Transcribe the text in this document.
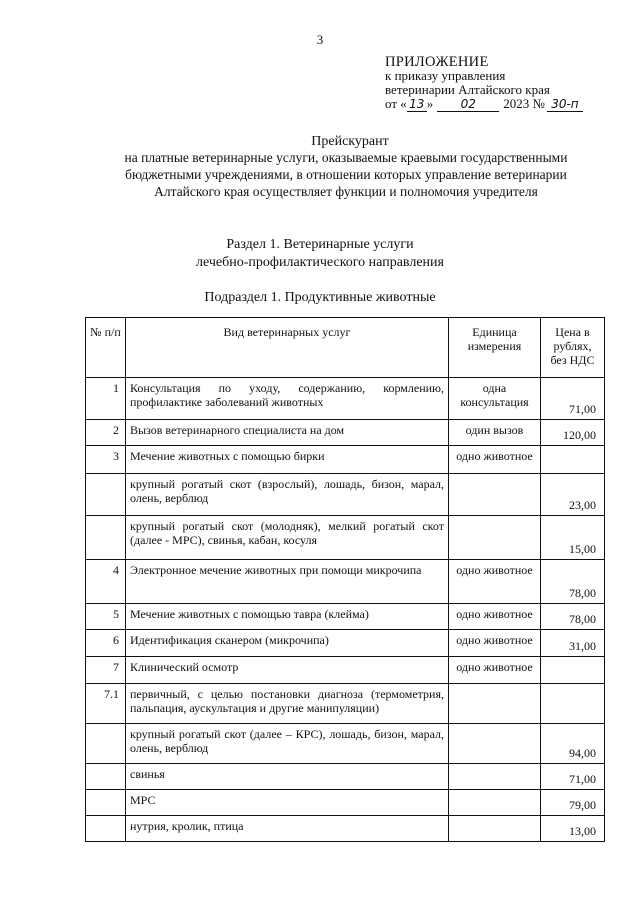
3
ПРИЛОЖЕНИЕ
к приказу управления
ветеринарии Алтайского края
от « 13 »	02	2023 № 30-п
Прейскурант
на платные ветеринарные услуги, оказываемые краевыми государственными бюджетными учреждениями, в отношении которых управление ветеринарии Алтайского края осуществляет функции и полномочия учредителя
Раздел 1. Ветеринарные услуги
лечебно-профилактического направления
Подраздел 1. Продуктивные животные
№ п/п	Вид ветеринарных услуг	Единица измерения	Цена в рублях, без НДС
1	Консультация по уходу, содержанию, кормлению, профилактике заболеваний животных	одна консультация	71,00
2	Вызов ветеринарного специалиста на дом	один вызов	120,00
3	Мечение животных с помощью бирки	одно животное	
	крупный рогатый скот (взрослый), лошадь, бизон, марал, олень, верблюд		23,00
	крупный рогатый скот (молодняк), мелкий рогатый скот (далее - МРС), свинья, кабан, косуля		15,00
4	Электронное мечение животных при помощи микрочипа	одно животное	78,00
5	Мечение животных с помощью тавра (клейма)	одно животное	78,00
6	Идентификация сканером (микрочипа)	одно животное	31,00
7	Клинический осмотр	одно животное	
7.1	первичный, с целью постановки диагноза (термометрия, пальпация, аускультация и другие манипуляции)		
	крупный рогатый скот (далее – КРС), лошадь, бизон, марал, олень, верблюд		94,00
	свинья		71,00
	МРС		79,00
	нутрия, кролик, птица		13,00
